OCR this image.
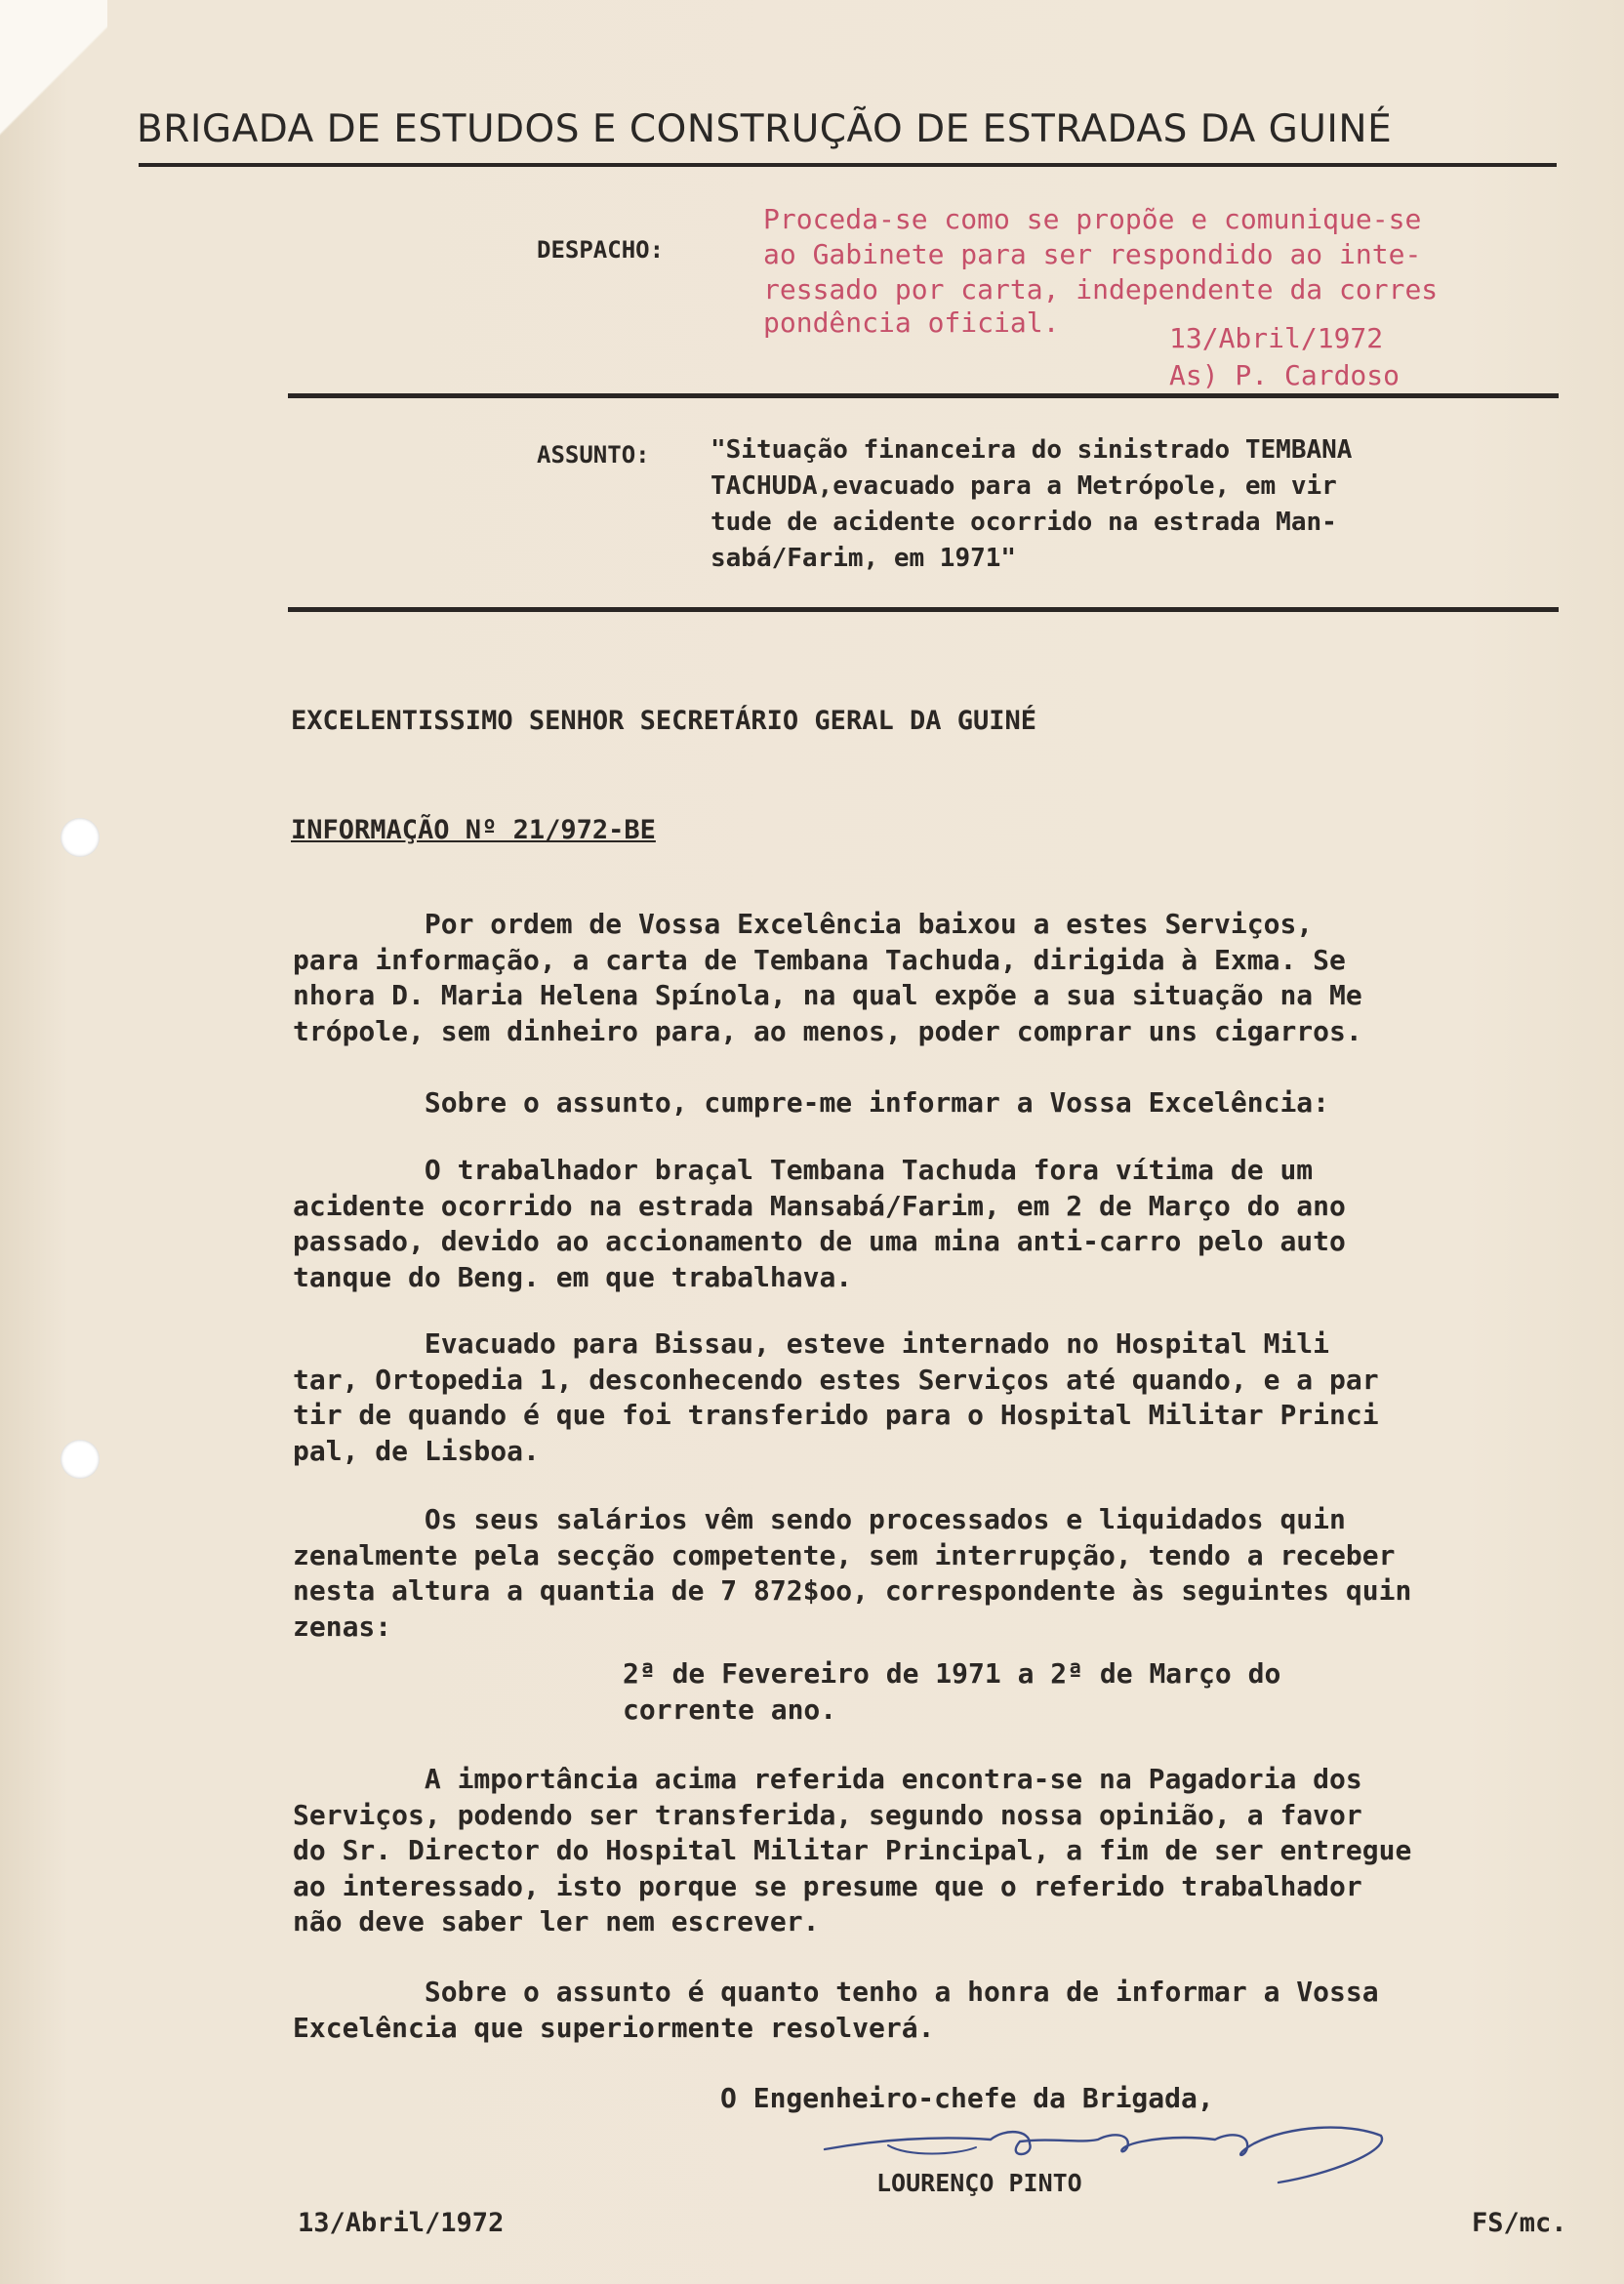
BRIGADA DE ESTUDOS E CONSTRUÇÃO DE ESTRADAS DA GUINÉ
DESPACHO:
Proceda-se como se propõe e comunique-se
ao Gabinete para ser respondido ao inte-
ressado por carta, independente da corres
pondência oficial.	13/Abril/1972
As) P. Cardoso
ASSUNTO: "Situação financeira do sinistrado TEMBANA
TACHUDA,evacuado para a Metrópole, em vir
tude de acidente ocorrido na estrada Man-
sabá/Farim, em 1971"
EXCELENTISSIMO SENHOR SECRETÁRIO GERAL DA GUINÉ
INFORMAÇÃO Nº 21/972-BE
Por ordem de Vossa Excelência baixou a estes Serviços,
para informação, a carta de Tembana Tachuda, dirigida à Exma. Se
nhora D. Maria Helena Spínola, na qual expõe a sua situação na Me
trópole, sem dinheiro para, ao menos, poder comprar uns cigarros.
Sobre o assunto, cumpre-me informar a Vossa Excelência:
O trabalhador braçal Tembana Tachuda fora vítima de um
acidente ocorrido na estrada Mansabá/Farim, em 2 de Março do ano
passado, devido ao accionamento de uma mina anti-carro pelo auto
tanque do Beng. em que trabalhava.
Evacuado para Bissau, esteve internado no Hospital Mili
tar, Ortopedia 1, desconhecendo estes Serviços até quando, e a par
tir de quando é que foi transferido para o Hospital Militar Princi
pal, de Lisboa.
Os seus salários vêm sendo processados e liquidados quin
zenalmente pela secção competente, sem interrupção, tendo a receber
nesta altura a quantia de 7 872$oo, correspondente às seguintes quin
zenas:
2ª de Fevereiro de 1971 a 2ª de Março do
corrente ano.
A importância acima referida encontra-se na Pagadoria dos
Serviços, podendo ser transferida, segundo nossa opinião, a favor
do Sr. Director do Hospital Militar Principal, a fim de ser entregue
ao interessado, isto porque se presume que o referido trabalhador
não deve saber ler nem escrever.
Sobre o assunto é quanto tenho a honra de informar a Vossa
Excelência que superiormente resolverá.
O Engenheiro-chefe da Brigada,
LOURENÇO PINTO
13/Abril/1972	FS/mc.
